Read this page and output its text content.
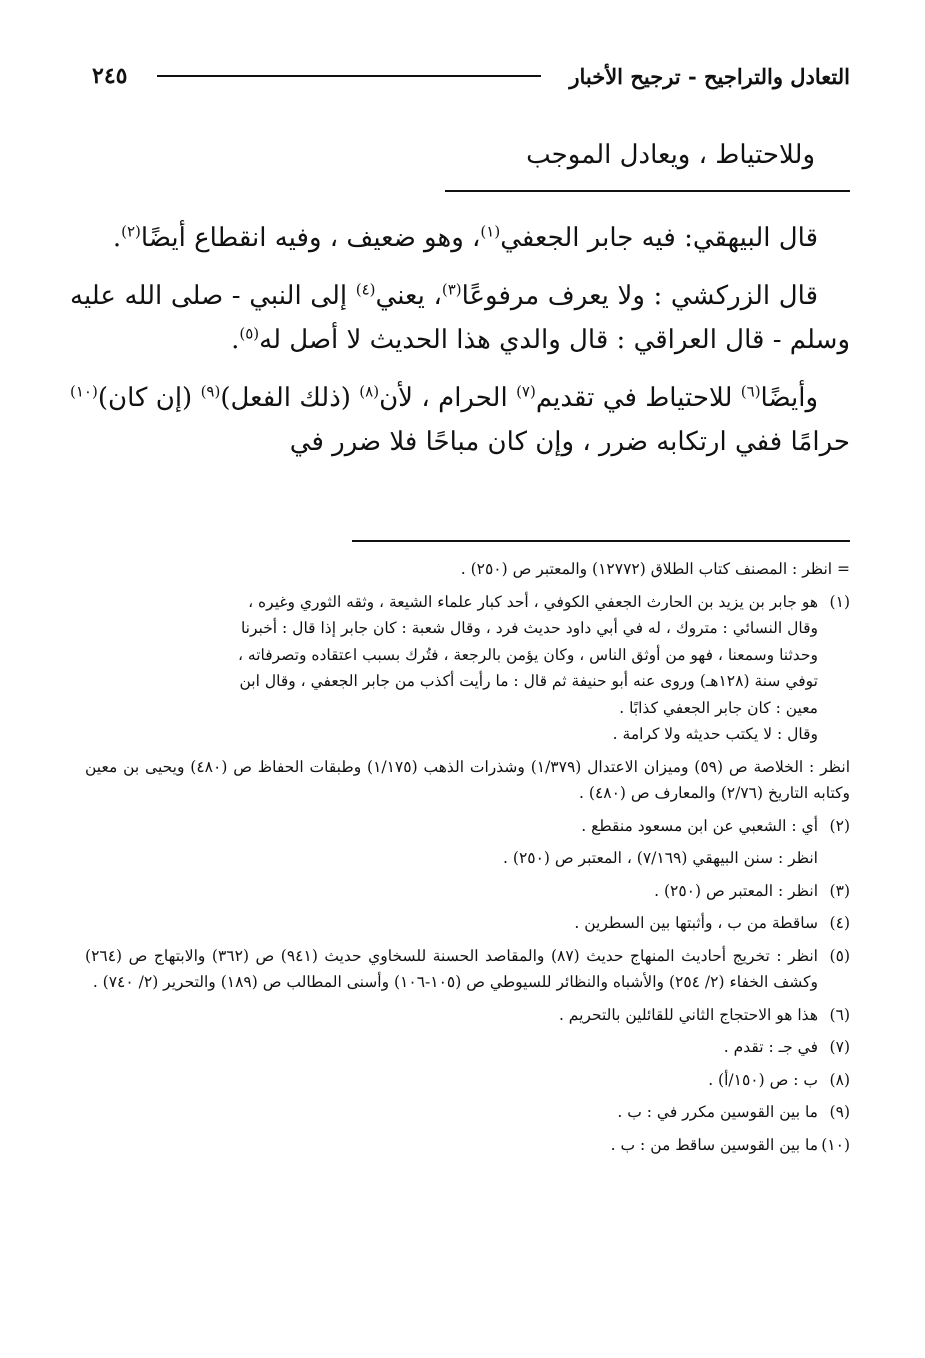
التعادل والتراجيح - ترجيح الأخبار
٢٤٥
وللاحتياط ، ويعادل الموجب

قال البيهقي: فيه جابر الجعفي$^{(١)}$، وهو ضعيف ، وفيه انقطاع أيضًا$^{(٢)}$.

قال الزركشي : ولا يعرف مرفوعًا$^{(٣)}$، يعني$^{(٤)}$ إلى النبي - صلى الله عليه وسلم - قال العراقي : قال والدي هذا الحديث لا أصل له$^{(٥)}$.

وأيضًا$^{(٦)}$ للاحتياط في تقديم$^{(٧)}$ الحرام ، لأن$^{(٨)}$ (ذلك الفعل)$^{(٩)}$ (إن كان)$^{(١٠)}$ حرامًا ففي ارتكابه ضرر ، وإن كان مباحًا فلا ضرر في

= انظر : المصنف كتاب الطلاق (١٢٧٧٢) والمعتبر ص (٢٥٠) .
(١)
هو جابر بن يزيد بن الحارث الجعفي الكوفي ، أحد كبار علماء الشيعة ، وثقه الثوري وغيره ،
وقال النسائي : متروك ، له في أبي داود حديث فرد ، وقال شعبة : كان جابر إذا قال : أخبرنا
وحدثنا وسمعنا ، فهو من أوثق الناس ، وكان يؤمن بالرجعة ، فتُرك بسبب اعتقاده وتصرفاته ،
توفي سنة (١٢٨هـ) وروى عنه أبو حنيفة ثم قال : ما رأيت أكذب من جابر الجعفي ، وقال ابن
معين : كان جابر الجعفي كذابًا .
وقال : لا يكتب حديثه ولا كرامة .
انظر : الخلاصة ص (٥٩) وميزان الاعتدال (١/٣٧٩) وشذرات الذهب (١/١٧٥) وطبقات الحفاظ ص (٤٨٠) ويحيى بن معين وكتابه التاريخ (٢/٧٦) والمعارف ص (٤٨٠) .
(٢)
أي : الشعبي عن ابن مسعود منقطع .
انظر : سنن البيهقي (٧/١٦٩) ، المعتبر ص (٢٥٠) .
(٣)
انظر : المعتبر ص (٢٥٠) .
(٤)
ساقطة من ب ، وأثبتها بين السطرين .
(٥)
انظر : تخريج أحاديث المنهاج حديث (٨٧) والمقاصد الحسنة للسخاوي حديث (٩٤١) ص (٣٦٢) والابتهاج ص (٢٦٤) وكشف الخفاء (٢/ ٢٥٤) والأشباه والنظائر للسيوطي ص (١٠٥-١٠٦) وأسنى المطالب ص (١٨٩) والتحرير (٢/ ٧٤٠) .
(٦)
هذا هو الاحتجاج الثاني للقائلين بالتحريم .
(٧)
في جـ : تقدم .
(٨)
ب : ص (١٥٠/أ) .
(٩)
ما بين القوسين مكرر في : ب .
(١٠)
ما بين القوسين ساقط من : ب .
